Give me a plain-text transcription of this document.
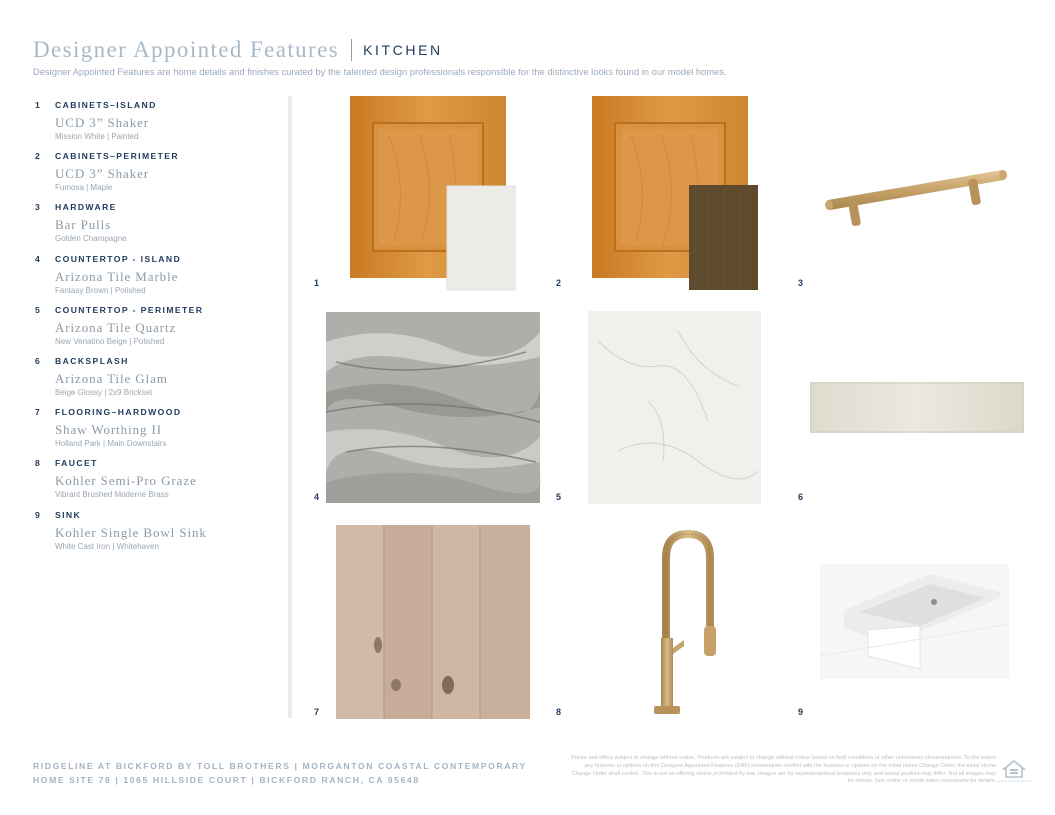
Designer Appointed Features KITCHEN
Designer Appointed Features are home details and finishes curated by the talented design professionals responsible for the distinctive looks found in our model homes.
1 CABINETS–ISLAND
UCD 3” Shaker
Mission White | Painted
2 CABINETS–PERIMETER
UCD 3” Shaker
Fumosa | Maple
3 HARDWARE
Bar Pulls
Golden Champagne
4 COUNTERTOP - ISLAND
Arizona Tile Marble
Fantasy Brown | Polished
5 COUNTERTOP - PERIMETER
Arizona Tile Quartz
New Venatino Beige | Polished
6 BACKSPLASH
Arizona Tile Glam
Beige Glossy | 2x9 Brickset
7 FLOORING–HARDWOOD
Shaw Worthing II
Holland Park | Main Downstairs
8 FAUCET
Kohler Semi-Pro Graze
Vibrant Brushed Moderne Brass
9 SINK
Kohler Single Bowl Sink
White Cast Iron | Whitehaven
1	2	3
4	5	6
7	8	9
RIDGELINE AT BICKFORD BY TOLL BROTHERS | MORGANTON COASTAL CONTEMPORARY
HOME SITE 78 | 1065 HILLSIDE COURT | BICKFORD RANCH, CA 95648
Prices and offers subject to change without notice. Products are subject to change without notice based on field conditions or other unforeseen circumstances. To the extent any features or options on this Designer Appointed Features (DAF) presentation conflict with the features or options on the initial Home Change Order, the initial Home Change Order shall control. This is not an offering where prohibited by law. Images are for representational purposes only and actual product may differ. Not all images may be shown. See online or onsite sales consultants for details. EQUAL HOUSING OPPORTUNITY
